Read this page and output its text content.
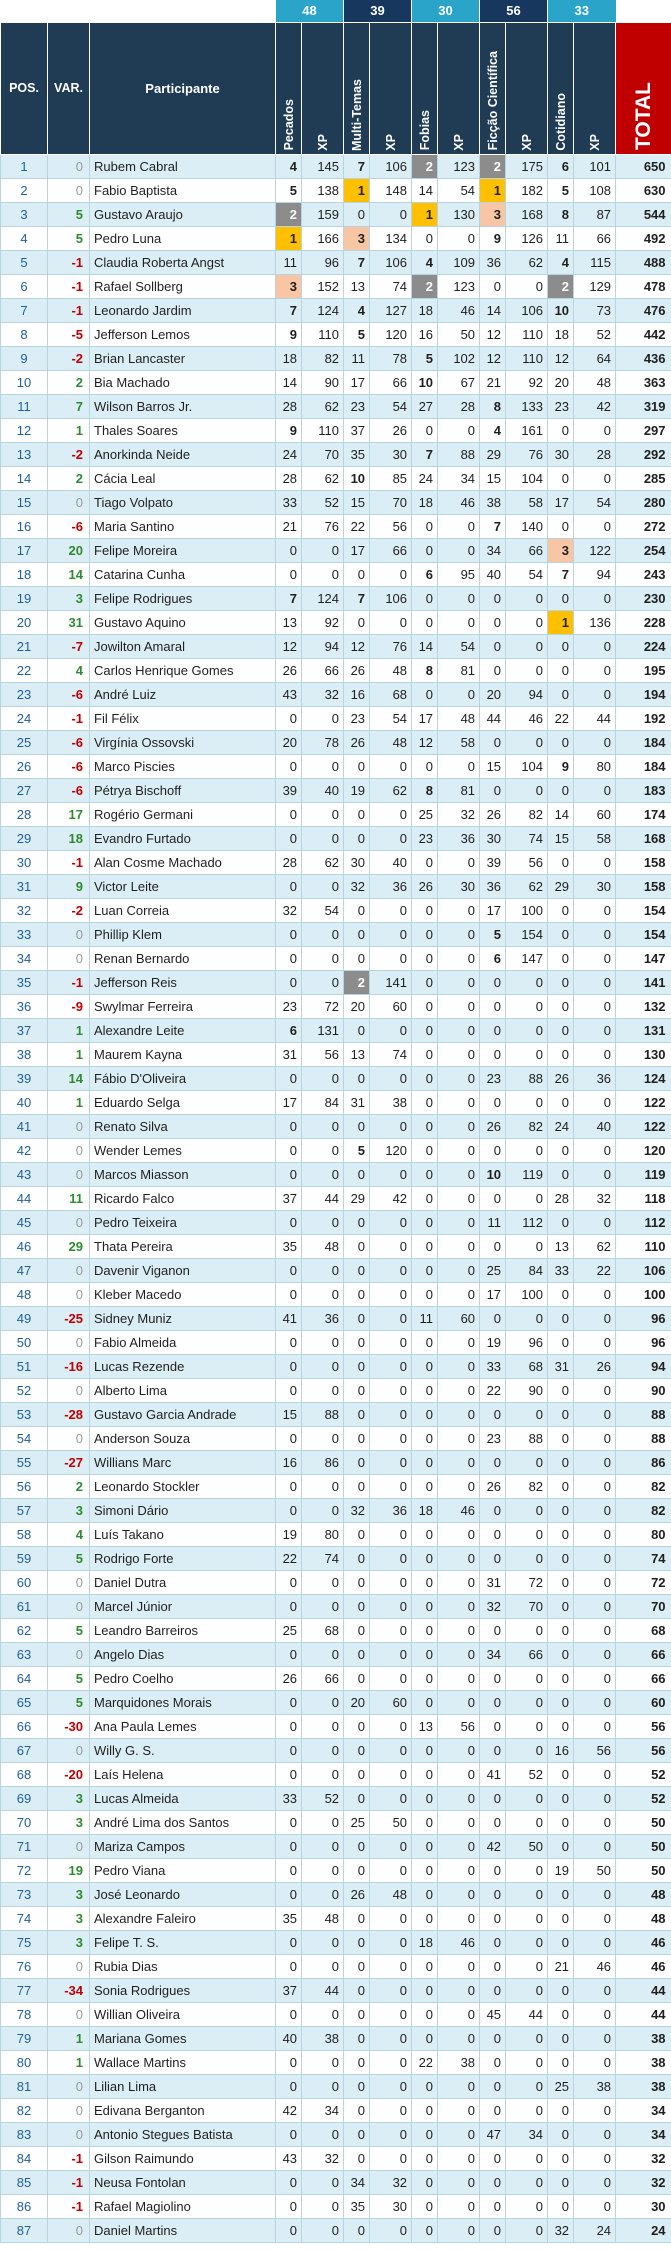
			48		39		30		56		33		
POS.	VAR.	Participante	Pecados	XP	Multi-Temas	XP	Fobias	XP	Ficção Científica	XP	Cotidiano	XP	TOTAL
1	0	Rubem Cabral	4	145	7	106	2	123	2	175	6	101	650
2	0	Fabio Baptista	5	138	1	148	14	54	1	182	5	108	630
3	5	Gustavo Araujo	2	159	0	0	1	130	3	168	8	87	544
4	5	Pedro Luna	1	166	3	134	0	0	9	126	11	66	492
5	-1	Claudia Roberta Angst	11	96	7	106	4	109	36	62	4	115	488
6	-1	Rafael Sollberg	3	152	13	74	2	123	0	0	2	129	478
7	-1	Leonardo Jardim	7	124	4	127	18	46	14	106	10	73	476
8	-5	Jefferson Lemos	9	110	5	120	16	50	12	110	18	52	442
9	-2	Brian Lancaster	18	82	11	78	5	102	12	110	12	64	436
10	2	Bia Machado	14	90	17	66	10	67	21	92	20	48	363
11	7	Wilson Barros Jr.	28	62	23	54	27	28	8	133	23	42	319
12	1	Thales Soares	9	110	37	26	0	0	4	161	0	0	297
13	-2	Anorkinda Neide	24	70	35	30	7	88	29	76	30	28	292
14	2	Cácia Leal	28	62	10	85	24	34	15	104	0	0	285
15	0	Tiago Volpato	33	52	15	70	18	46	38	58	17	54	280
16	-6	Maria Santino	21	76	22	56	0	0	7	140	0	0	272
17	20	Felipe Moreira	0	0	17	66	0	0	34	66	3	122	254
18	14	Catarina Cunha	0	0	0	0	6	95	40	54	7	94	243
19	3	Felipe Rodrigues	7	124	7	106	0	0	0	0	0	0	230
20	31	Gustavo Aquino	13	92	0	0	0	0	0	0	1	136	228
21	-7	Jowilton Amaral	12	94	12	76	14	54	0	0	0	0	224
22	4	Carlos Henrique Gomes	26	66	26	48	8	81	0	0	0	0	195
23	-6	André Luiz	43	32	16	68	0	0	20	94	0	0	194
24	-1	Fil Félix	0	0	23	54	17	48	44	46	22	44	192
25	-6	Virgínia Ossovski	20	78	26	48	12	58	0	0	0	0	184
26	-6	Marco Piscies	0	0	0	0	0	0	15	104	9	80	184
27	-6	Pétrya Bischoff	39	40	19	62	8	81	0	0	0	0	183
28	17	Rogério Germani	0	0	0	0	25	32	26	82	14	60	174
29	18	Evandro Furtado	0	0	0	0	23	36	30	74	15	58	168
30	-1	Alan Cosme Machado	28	62	30	40	0	0	39	56	0	0	158
31	9	Victor Leite	0	0	32	36	26	30	36	62	29	30	158
32	-2	Luan Correia	32	54	0	0	0	0	17	100	0	0	154
33	0	Phillip Klem	0	0	0	0	0	0	5	154	0	0	154
34	0	Renan Bernardo	0	0	0	0	0	0	6	147	0	0	147
35	-1	Jefferson Reis	0	0	2	141	0	0	0	0	0	0	141
36	-9	Swylmar Ferreira	23	72	20	60	0	0	0	0	0	0	132
37	1	Alexandre Leite	6	131	0	0	0	0	0	0	0	0	131
38	1	Maurem Kayna	31	56	13	74	0	0	0	0	0	0	130
39	14	Fábio D'Oliveira	0	0	0	0	0	0	23	88	26	36	124
40	1	Eduardo Selga	17	84	31	38	0	0	0	0	0	0	122
41	0	Renato Silva	0	0	0	0	0	0	26	82	24	40	122
42	0	Wender Lemes	0	0	5	120	0	0	0	0	0	0	120
43	0	Marcos Miasson	0	0	0	0	0	0	10	119	0	0	119
44	11	Ricardo Falco	37	44	29	42	0	0	0	0	28	32	118
45	0	Pedro Teixeira	0	0	0	0	0	0	11	112	0	0	112
46	29	Thata Pereira	35	48	0	0	0	0	0	0	13	62	110
47	0	Davenir Viganon	0	0	0	0	0	0	25	84	33	22	106
48	0	Kleber Macedo	0	0	0	0	0	0	17	100	0	0	100
49	-25	Sidney Muniz	41	36	0	0	11	60	0	0	0	0	96
50	0	Fabio Almeida	0	0	0	0	0	0	19	96	0	0	96
51	-16	Lucas Rezende	0	0	0	0	0	0	33	68	31	26	94
52	0	Alberto Lima	0	0	0	0	0	0	22	90	0	0	90
53	-28	Gustavo Garcia Andrade	15	88	0	0	0	0	0	0	0	0	88
54	0	Anderson Souza	0	0	0	0	0	0	23	88	0	0	88
55	-27	Willians Marc	16	86	0	0	0	0	0	0	0	0	86
56	2	Leonardo Stockler	0	0	0	0	0	0	26	82	0	0	82
57	3	Simoni Dário	0	0	32	36	18	46	0	0	0	0	82
58	4	Luís Takano	19	80	0	0	0	0	0	0	0	0	80
59	5	Rodrigo Forte	22	74	0	0	0	0	0	0	0	0	74
60	0	Daniel Dutra	0	0	0	0	0	0	31	72	0	0	72
61	0	Marcel Júnior	0	0	0	0	0	0	32	70	0	0	70
62	5	Leandro Barreiros	25	68	0	0	0	0	0	0	0	0	68
63	0	Angelo Dias	0	0	0	0	0	0	34	66	0	0	66
64	5	Pedro Coelho	26	66	0	0	0	0	0	0	0	0	66
65	5	Marquidones Morais	0	0	20	60	0	0	0	0	0	0	60
66	-30	Ana Paula Lemes	0	0	0	0	13	56	0	0	0	0	56
67	0	Willy G. S.	0	0	0	0	0	0	0	0	16	56	56
68	-20	Laís Helena	0	0	0	0	0	0	41	52	0	0	52
69	3	Lucas Almeida	33	52	0	0	0	0	0	0	0	0	52
70	3	André Lima dos Santos	0	0	25	50	0	0	0	0	0	0	50
71	0	Mariza Campos	0	0	0	0	0	0	42	50	0	0	50
72	19	Pedro Viana	0	0	0	0	0	0	0	0	19	50	50
73	3	José Leonardo	0	0	26	48	0	0	0	0	0	0	48
74	3	Alexandre Faleiro	35	48	0	0	0	0	0	0	0	0	48
75	3	Felipe T. S.	0	0	0	0	18	46	0	0	0	0	46
76	0	Rubia Dias	0	0	0	0	0	0	0	0	21	46	46
77	-34	Sonia Rodrigues	37	44	0	0	0	0	0	0	0	0	44
78	0	Willian Oliveira	0	0	0	0	0	0	45	44	0	0	44
79	1	Mariana Gomes	40	38	0	0	0	0	0	0	0	0	38
80	1	Wallace Martins	0	0	0	0	22	38	0	0	0	0	38
81	0	Lilian Lima	0	0	0	0	0	0	0	0	25	38	38
82	0	Edivana Berganton	42	34	0	0	0	0	0	0	0	0	34
83	0	Antonio Stegues Batista	0	0	0	0	0	0	47	34	0	0	34
84	-1	Gilson Raimundo	43	32	0	0	0	0	0	0	0	0	32
85	-1	Neusa Fontolan	0	0	34	32	0	0	0	0	0	0	32
86	-1	Rafael Magiolino	0	0	35	30	0	0	0	0	0	0	30
87	0	Daniel Martins	0	0	0	0	0	0	0	0	32	24	24
